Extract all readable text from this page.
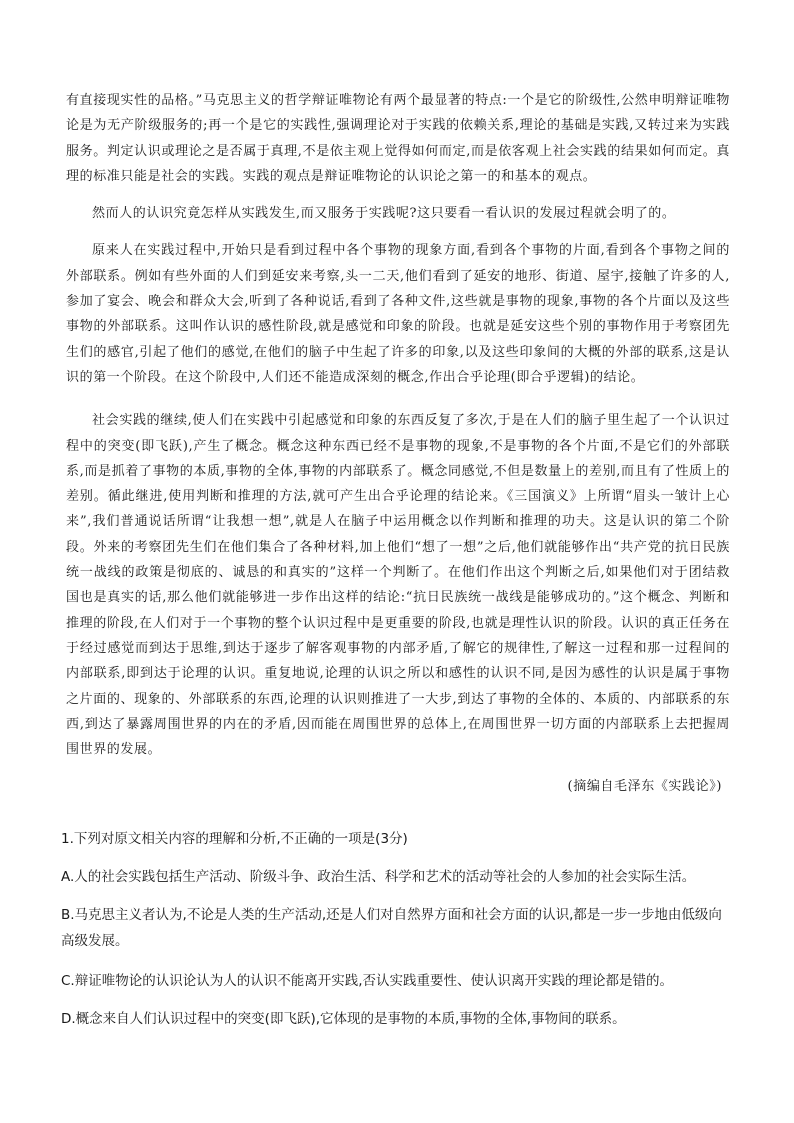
有直接现实性的品格。”马克思主义的哲学辩证唯物论有两个最显著的特点:一个是它的阶级性,公然申明辩证唯物论是为无产阶级服务的;再一个是它的实践性,强调理论对于实践的依赖关系,理论的基础是实践,又转过来为实践服务。判定认识或理论之是否属于真理,不是依主观上觉得如何而定,而是依客观上社会实践的结果如何而定。真理的标准只能是社会的实践。实践的观点是辩证唯物论的认识论之第一的和基本的观点。

然而人的认识究竟怎样从实践发生,而又服务于实践呢?这只要看一看认识的发展过程就会明了的。

原来人在实践过程中,开始只是看到过程中各个事物的现象方面,看到各个事物的片面,看到各个事物之间的外部联系。例如有些外面的人们到延安来考察,头一二天,他们看到了延安的地形、街道、屋宇,接触了许多的人,参加了宴会、晚会和群众大会,听到了各种说话,看到了各种文件,这些就是事物的现象,事物的各个片面以及这些事物的外部联系。这叫作认识的感性阶段,就是感觉和印象的阶段。也就是延安这些个别的事物作用于考察团先生们的感官,引起了他们的感觉,在他们的脑子中生起了许多的印象,以及这些印象间的大概的外部的联系,这是认识的第一个阶段。在这个阶段中,人们还不能造成深刻的概念,作出合乎论理(即合乎逻辑)的结论。

社会实践的继续,使人们在实践中引起感觉和印象的东西反复了多次,于是在人们的脑子里生起了一个认识过程中的突变(即飞跃),产生了概念。概念这种东西已经不是事物的现象,不是事物的各个片面,不是它们的外部联系,而是抓着了事物的本质,事物的全体,事物的内部联系了。概念同感觉,不但是数量上的差别,而且有了性质上的差别。循此继进,使用判断和推理的方法,就可产生出合乎论理的结论来。《三国演义》上所谓“眉头一皱计上心来”,我们普通说话所谓“让我想一想”,就是人在脑子中运用概念以作判断和推理的功夫。这是认识的第二个阶段。外来的考察团先生们在他们集合了各种材料,加上他们“想了一想”之后,他们就能够作出“共产党的抗日民族统一战线的政策是彻底的、诚恳的和真实的”这样一个判断了。在他们作出这个判断之后,如果他们对于团结救国也是真实的话,那么他们就能够进一步作出这样的结论:“抗日民族统一战线是能够成功的。”这个概念、判断和推理的阶段,在人们对于一个事物的整个认识过程中是更重要的阶段,也就是理性认识的阶段。认识的真正任务在于经过感觉而到达于思维,到达于逐步了解客观事物的内部矛盾,了解它的规律性,了解这一过程和那一过程间的内部联系,即到达于论理的认识。重复地说,论理的认识之所以和感性的认识不同,是因为感性的认识是属于事物之片面的、现象的、外部联系的东西,论理的认识则推进了一大步,到达了事物的全体的、本质的、内部联系的东西,到达了暴露周围世界的内在的矛盾,因而能在周围世界的总体上,在周围世界一切方面的内部联系上去把握周围世界的发展。

(摘编自毛泽东《实践论》)

1.下列对原文相关内容的理解和分析,不正确的一项是(3分)

A.人的社会实践包括生产活动、阶级斗争、政治生活、科学和艺术的活动等社会的人参加的社会实际生活。

B.马克思主义者认为,不论是人类的生产活动,还是人们对自然界方面和社会方面的认识,都是一步一步地由低级向高级发展。

C.辩证唯物论的认识论认为人的认识不能离开实践,否认实践重要性、使认识离开实践的理论都是错的。

D.概念来自人们认识过程中的突变(即飞跃),它体现的是事物的本质,事物的全体,事物间的联系。
